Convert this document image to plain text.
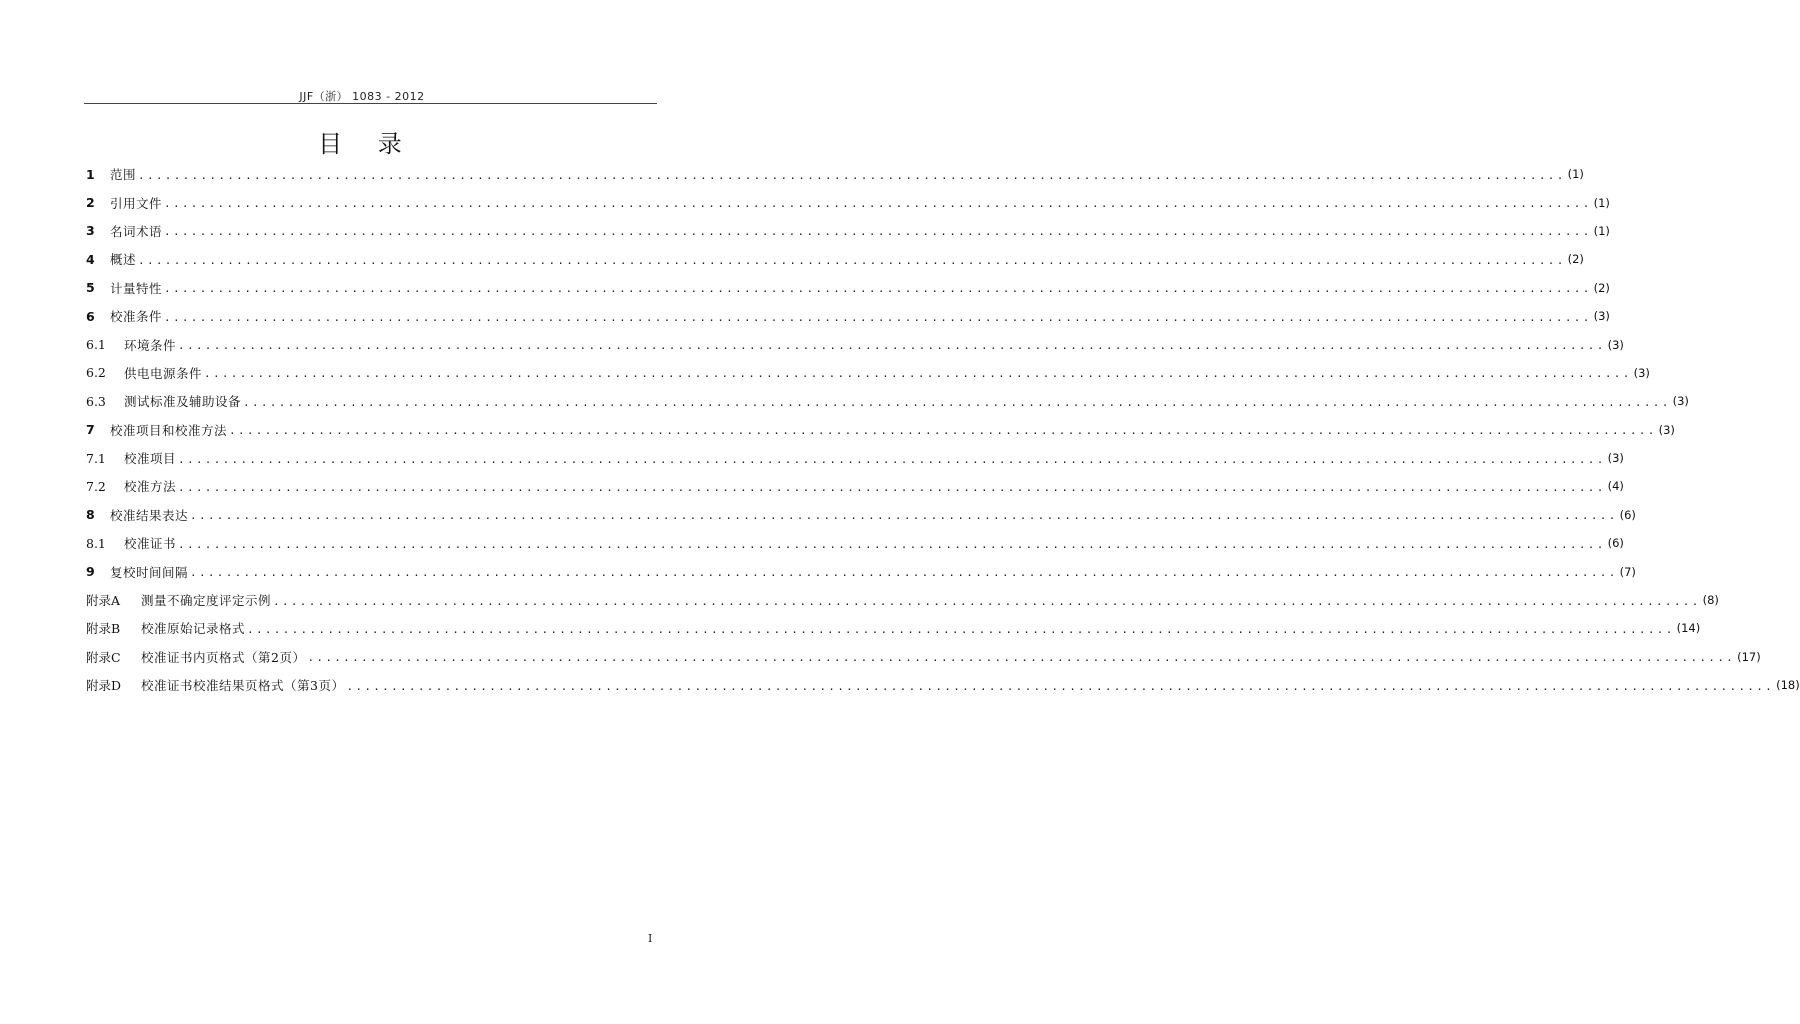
JJF（浙） 1083 - 2012
目 录
1	范围 ................................................................................................................................................................ (1)
2	引用文件 ................................................................................................................................................................ (1)
3	名词术语 ................................................................................................................................................................ (1)
4	概述 ................................................................................................................................................................ (2)
5	计量特性 ................................................................................................................................................................ (2)
6	校准条件 ................................................................................................................................................................ (3)
6.1	环境条件 ................................................................................................................................................................ (3)
6.2	供电电源条件 ................................................................................................................................................................ (3)
6.3	测试标准及辅助设备 ................................................................................................................................................................ (3)
7	校准项目和校准方法 ................................................................................................................................................................ (3)
7.1	校准项目 ................................................................................................................................................................ (3)
7.2	校准方法 ................................................................................................................................................................ (4)
8	校准结果表达 ................................................................................................................................................................ (6)
8.1	校准证书 ................................................................................................................................................................ (6)
9	复校时间间隔 ................................................................................................................................................................ (7)
附录A	测量不确定度评定示例 ................................................................................................................................................................ (8)
附录B	校准原始记录格式 ................................................................................................................................................................ (14)
附录C	校准证书内页格式（第2页） ................................................................................................................................................................ (17)
附录D	校准证书校准结果页格式（第3页） ................................................................................................................................................................ (18)
I
